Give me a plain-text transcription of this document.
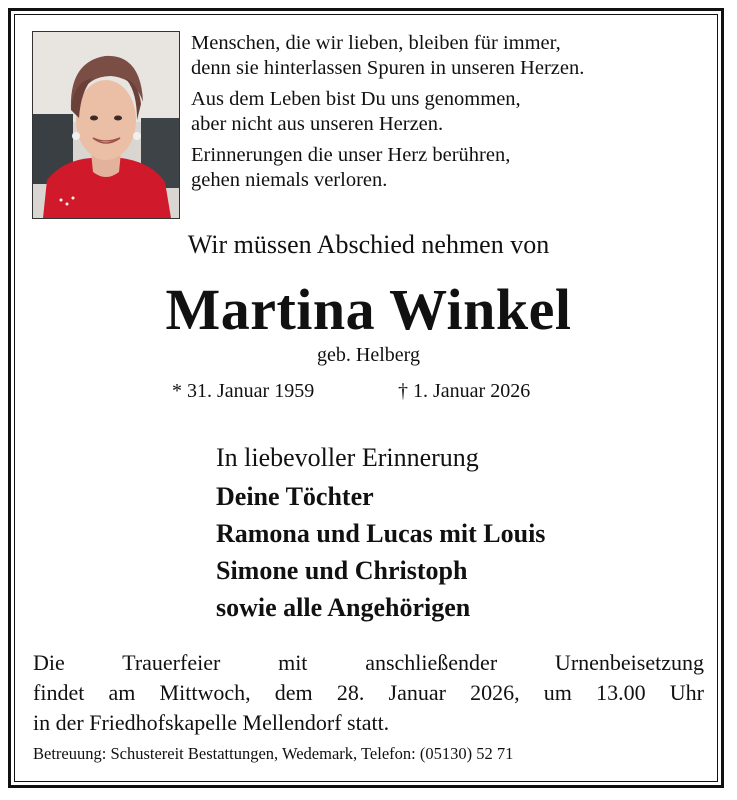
Menschen, die wir lieben, bleiben für immer,
denn sie hinterlassen Spuren in unseren Herzen.

Aus dem Leben bist Du uns genommen,
aber nicht aus unseren Herzen.

Erinnerungen die unser Herz berühren,
gehen niemals verloren.

Wir müssen Abschied nehmen von
Martina Winkel
geb. Helberg
* 31. Januar 1959	† 1. Januar 2026
In liebevoller Erinnerung
Deine Töchter
Ramona und Lucas mit Louis
Simone und Christoph
sowie alle Angehörigen
Die Trauerfeier mit anschließender Urnenbeisetzung
findet am Mittwoch, dem 28. Januar 2026, um 13.00 Uhr
in der Friedhofskapelle Mellendorf statt.
Betreuung: Schustereit Bestattungen, Wedemark, Telefon: (05130) 52 71
